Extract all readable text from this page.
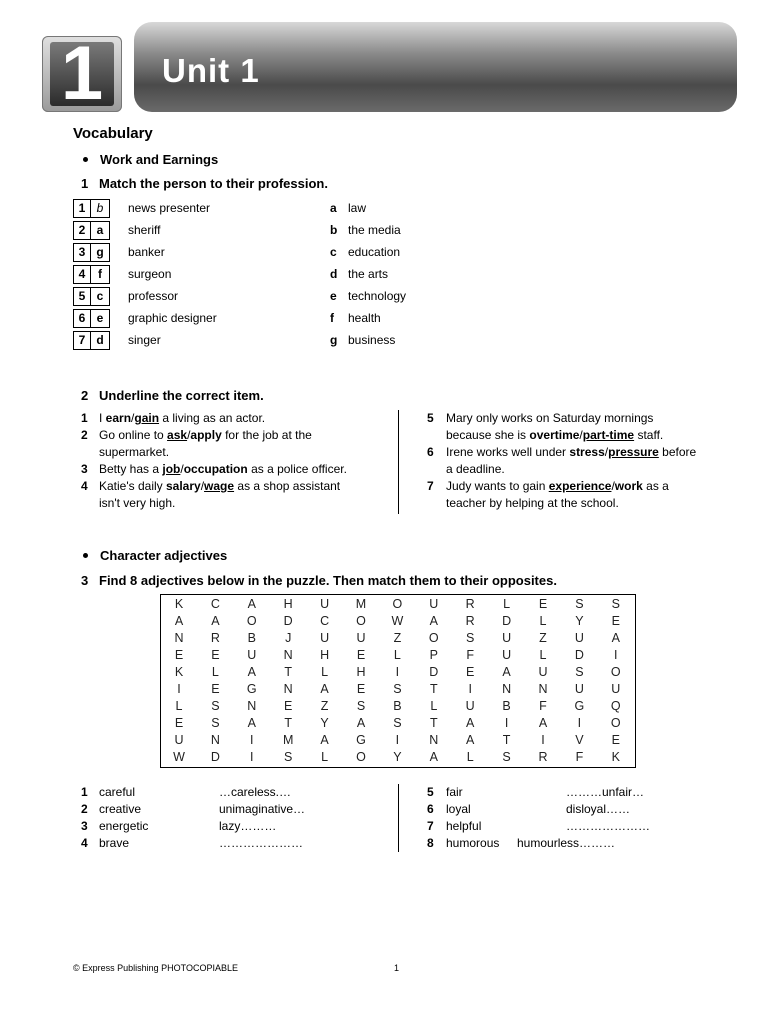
1	Unit 1
Vocabulary
Work and Earnings
1 Match the person to their profession.
1 b	news presenter	a law
2 a	sheriff	b the media
3 g	banker	c education
4	f	surgeon	d the arts
5 c	professor	e technology
6 e	graphic designer	f health
7 d	singer	g business
2 Underline the correct item.
1 I earn/gain a living as an actor.
2 Go online to ask/apply for the job at the
supermarket.
3 Betty has a job/occupation as a police officer.
4 Katie's daily salary/wage as a shop assistant
isn't very high.
5 Mary only works on Saturday mornings
because she is overtime/part-time staff.
6 Irene works well under stress/pressure before
a deadline.
7 Judy wants to gain experience/work as a
teacher by helping at the school.
Character adjectives
3 Find 8 adjectives below in the puzzle. Then match them to their opposites.
K	C	A	H	U	M	O	U	R	L	E	S	S
A	A	O	D	C	O	W	A	R	D	L	Y	E
N	R	B	J	U	U	Z	O	S	U	Z	U	A
E	E	U	N	H	E	L	P	F	U	L	D	I
K	L	A	T	L	H	I	D	E	A	U	S	O
I	E	G	N	A	E	S	T	I	N	N	U	U
L	S	N	E	Z	S	B	L	U	B	F	G	Q
E	S	A	T	Y	A	S	T	A	I	A	I	O
U	N	I	M	A	G	I	N	A	T	I	V	E
W	D	I	S	L	O	Y	A	L	S	R	F	K
1 careful	…careless.…
2 creative	unimaginative…
3 energetic	lazy………
4 brave	…………………
5 fair	………unfair…
6 loyal	disloyal……
7 helpful	…………………
8 humorous humourless………
© Express Publishing PHOTOCOPIABLE	1
